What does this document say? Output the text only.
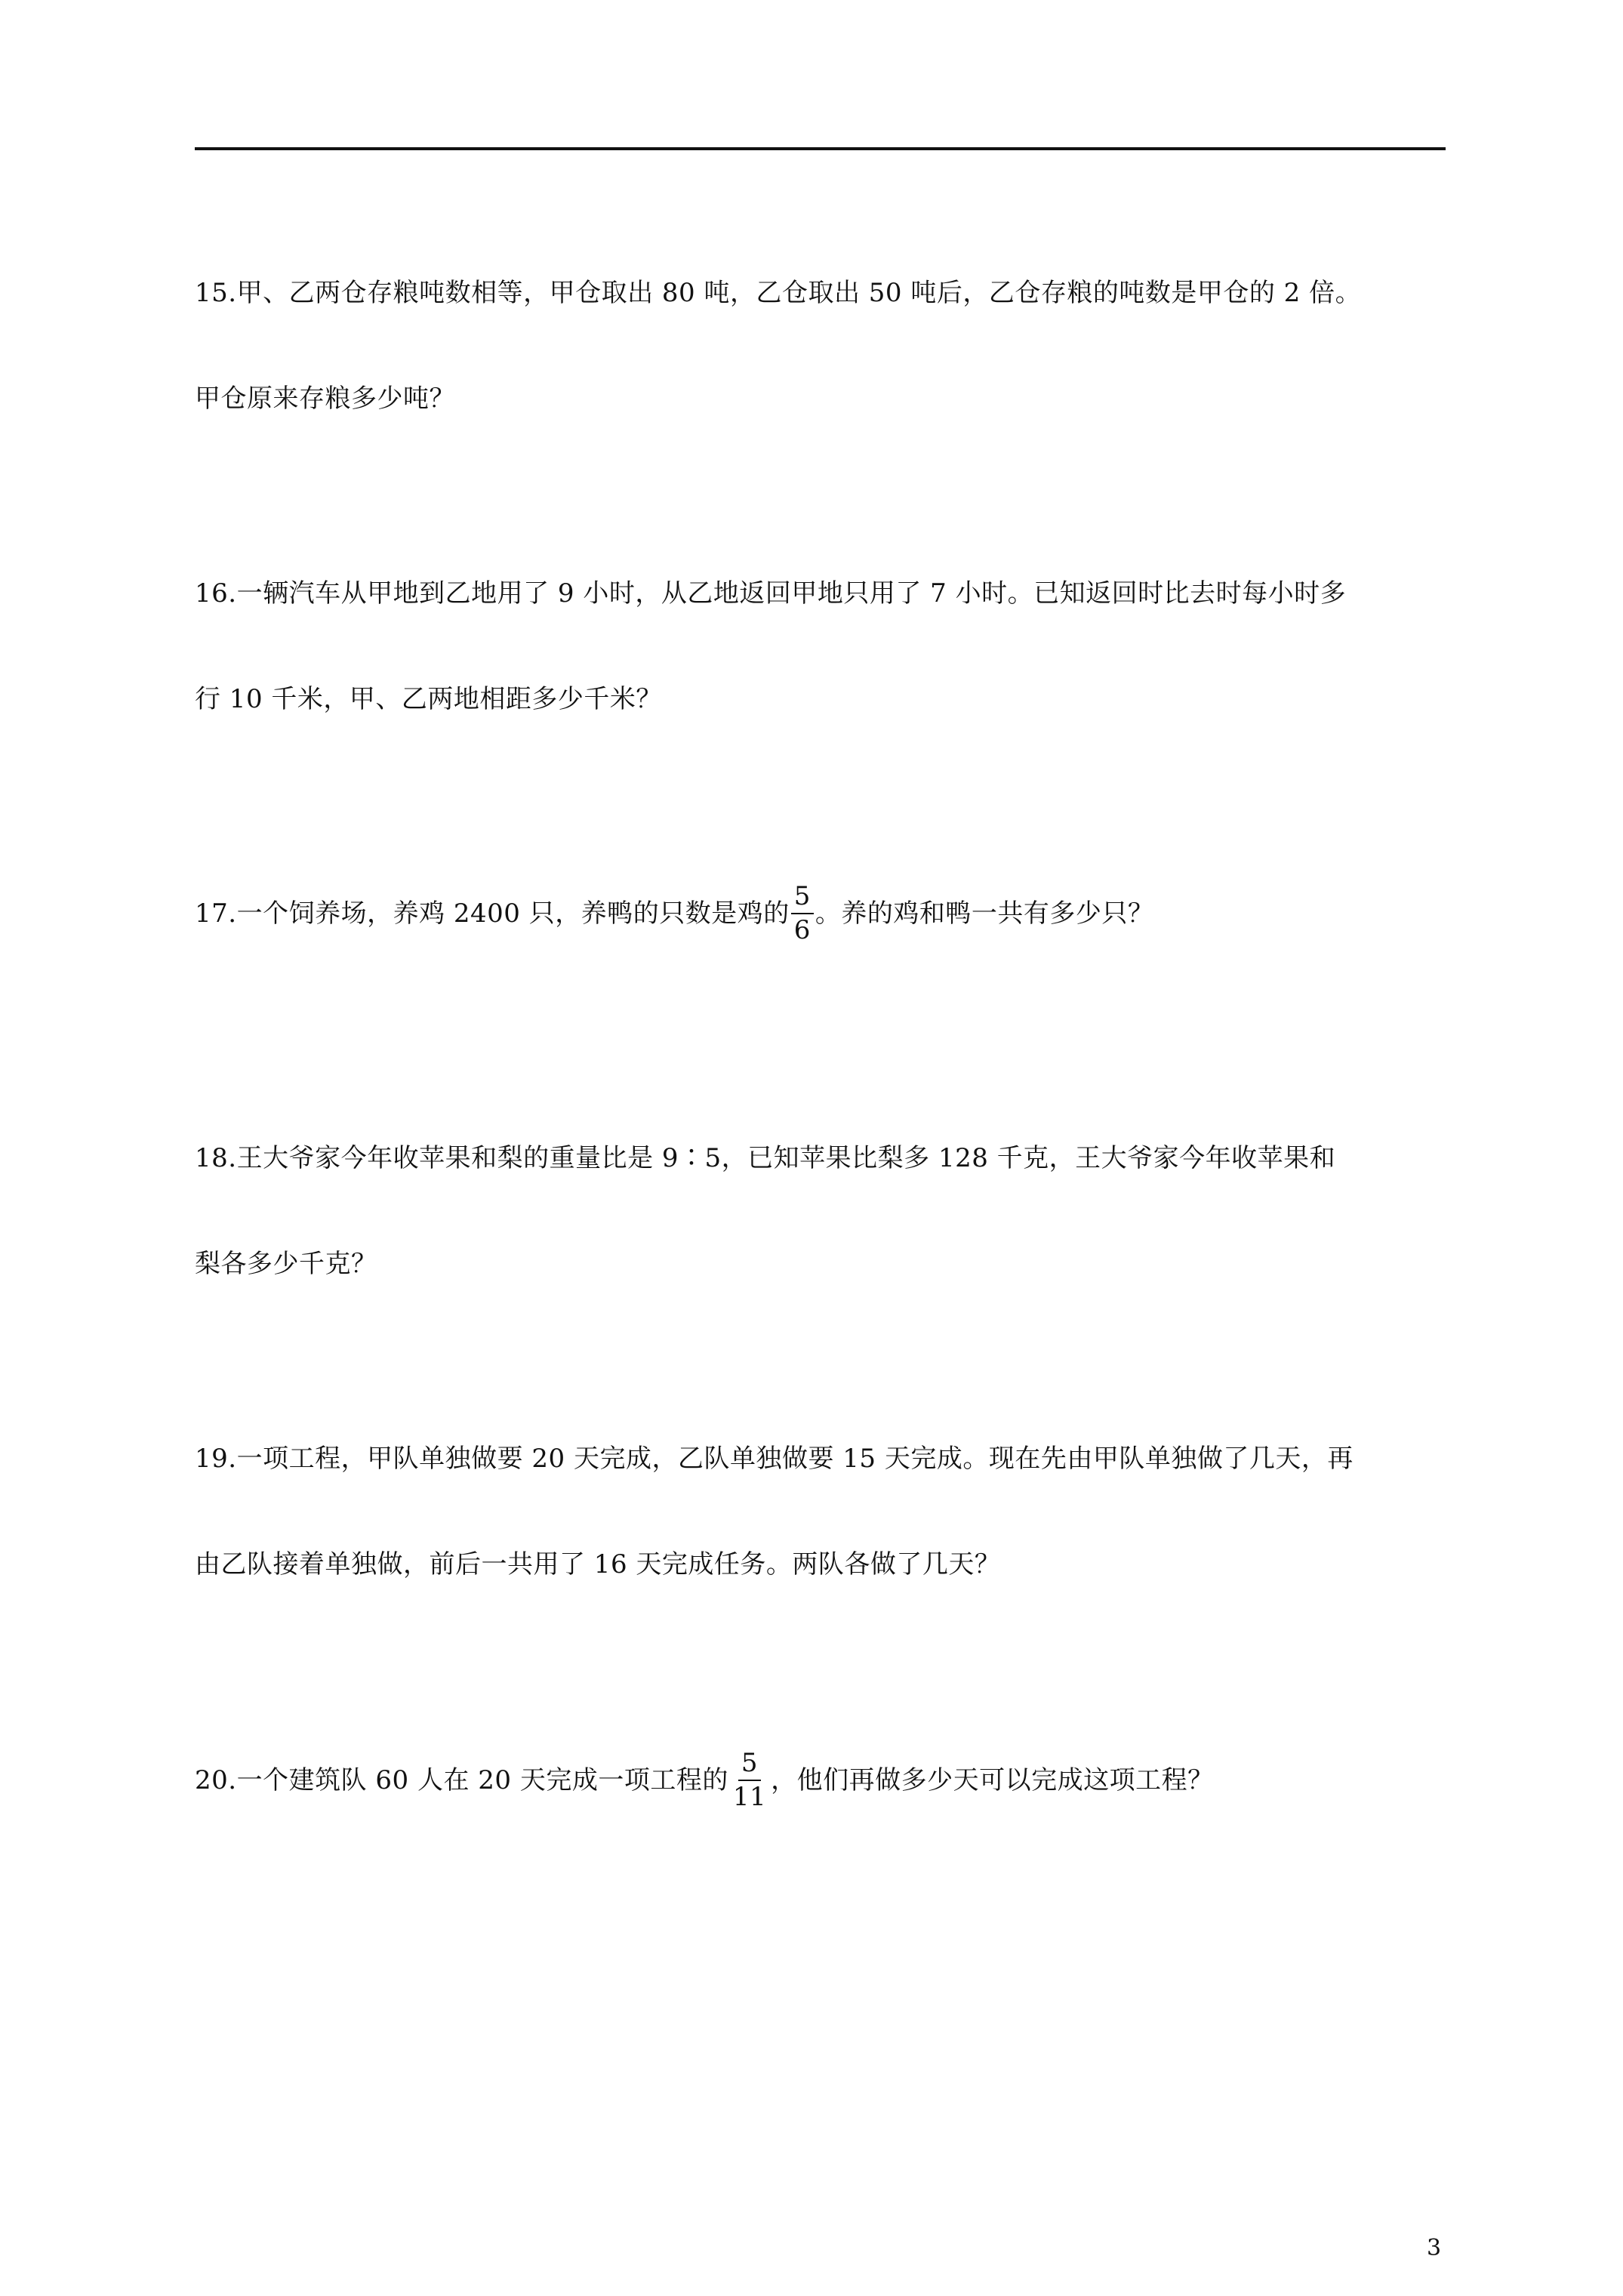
15.甲、乙两仓存粮吨数相等，甲仓取出 80 吨，乙仓取出 50 吨后，乙仓存粮的吨数是甲仓的 2 倍。
甲仓原来存粮多少吨？
16.一辆汽车从甲地到乙地用了 9 小时，从乙地返回甲地只用了 7 小时。已知返回时比去时每小时多
行 10 千米，甲、乙两地相距多少千米？
17.一个饲养场，养鸡 2400 只，养鸭的只数是鸡的 $\frac{5}{6}$ 。养的鸡和鸭一共有多少只？
18.王大爷家今年收苹果和梨的重量比是 9∶5，已知苹果比梨多 128 千克，王大爷家今年收苹果和
梨各多少千克？
19.一项工程，甲队单独做要 20 天完成，乙队单独做要 15 天完成。现在先由甲队单独做了几天，再
由乙队接着单独做，前后一共用了 16 天完成任务。两队各做了几天？
20.一个建筑队 60 人在 20 天完成一项工程的 $\frac{5}{11}$ ，他们再做多少天可以完成这项工程？
3
